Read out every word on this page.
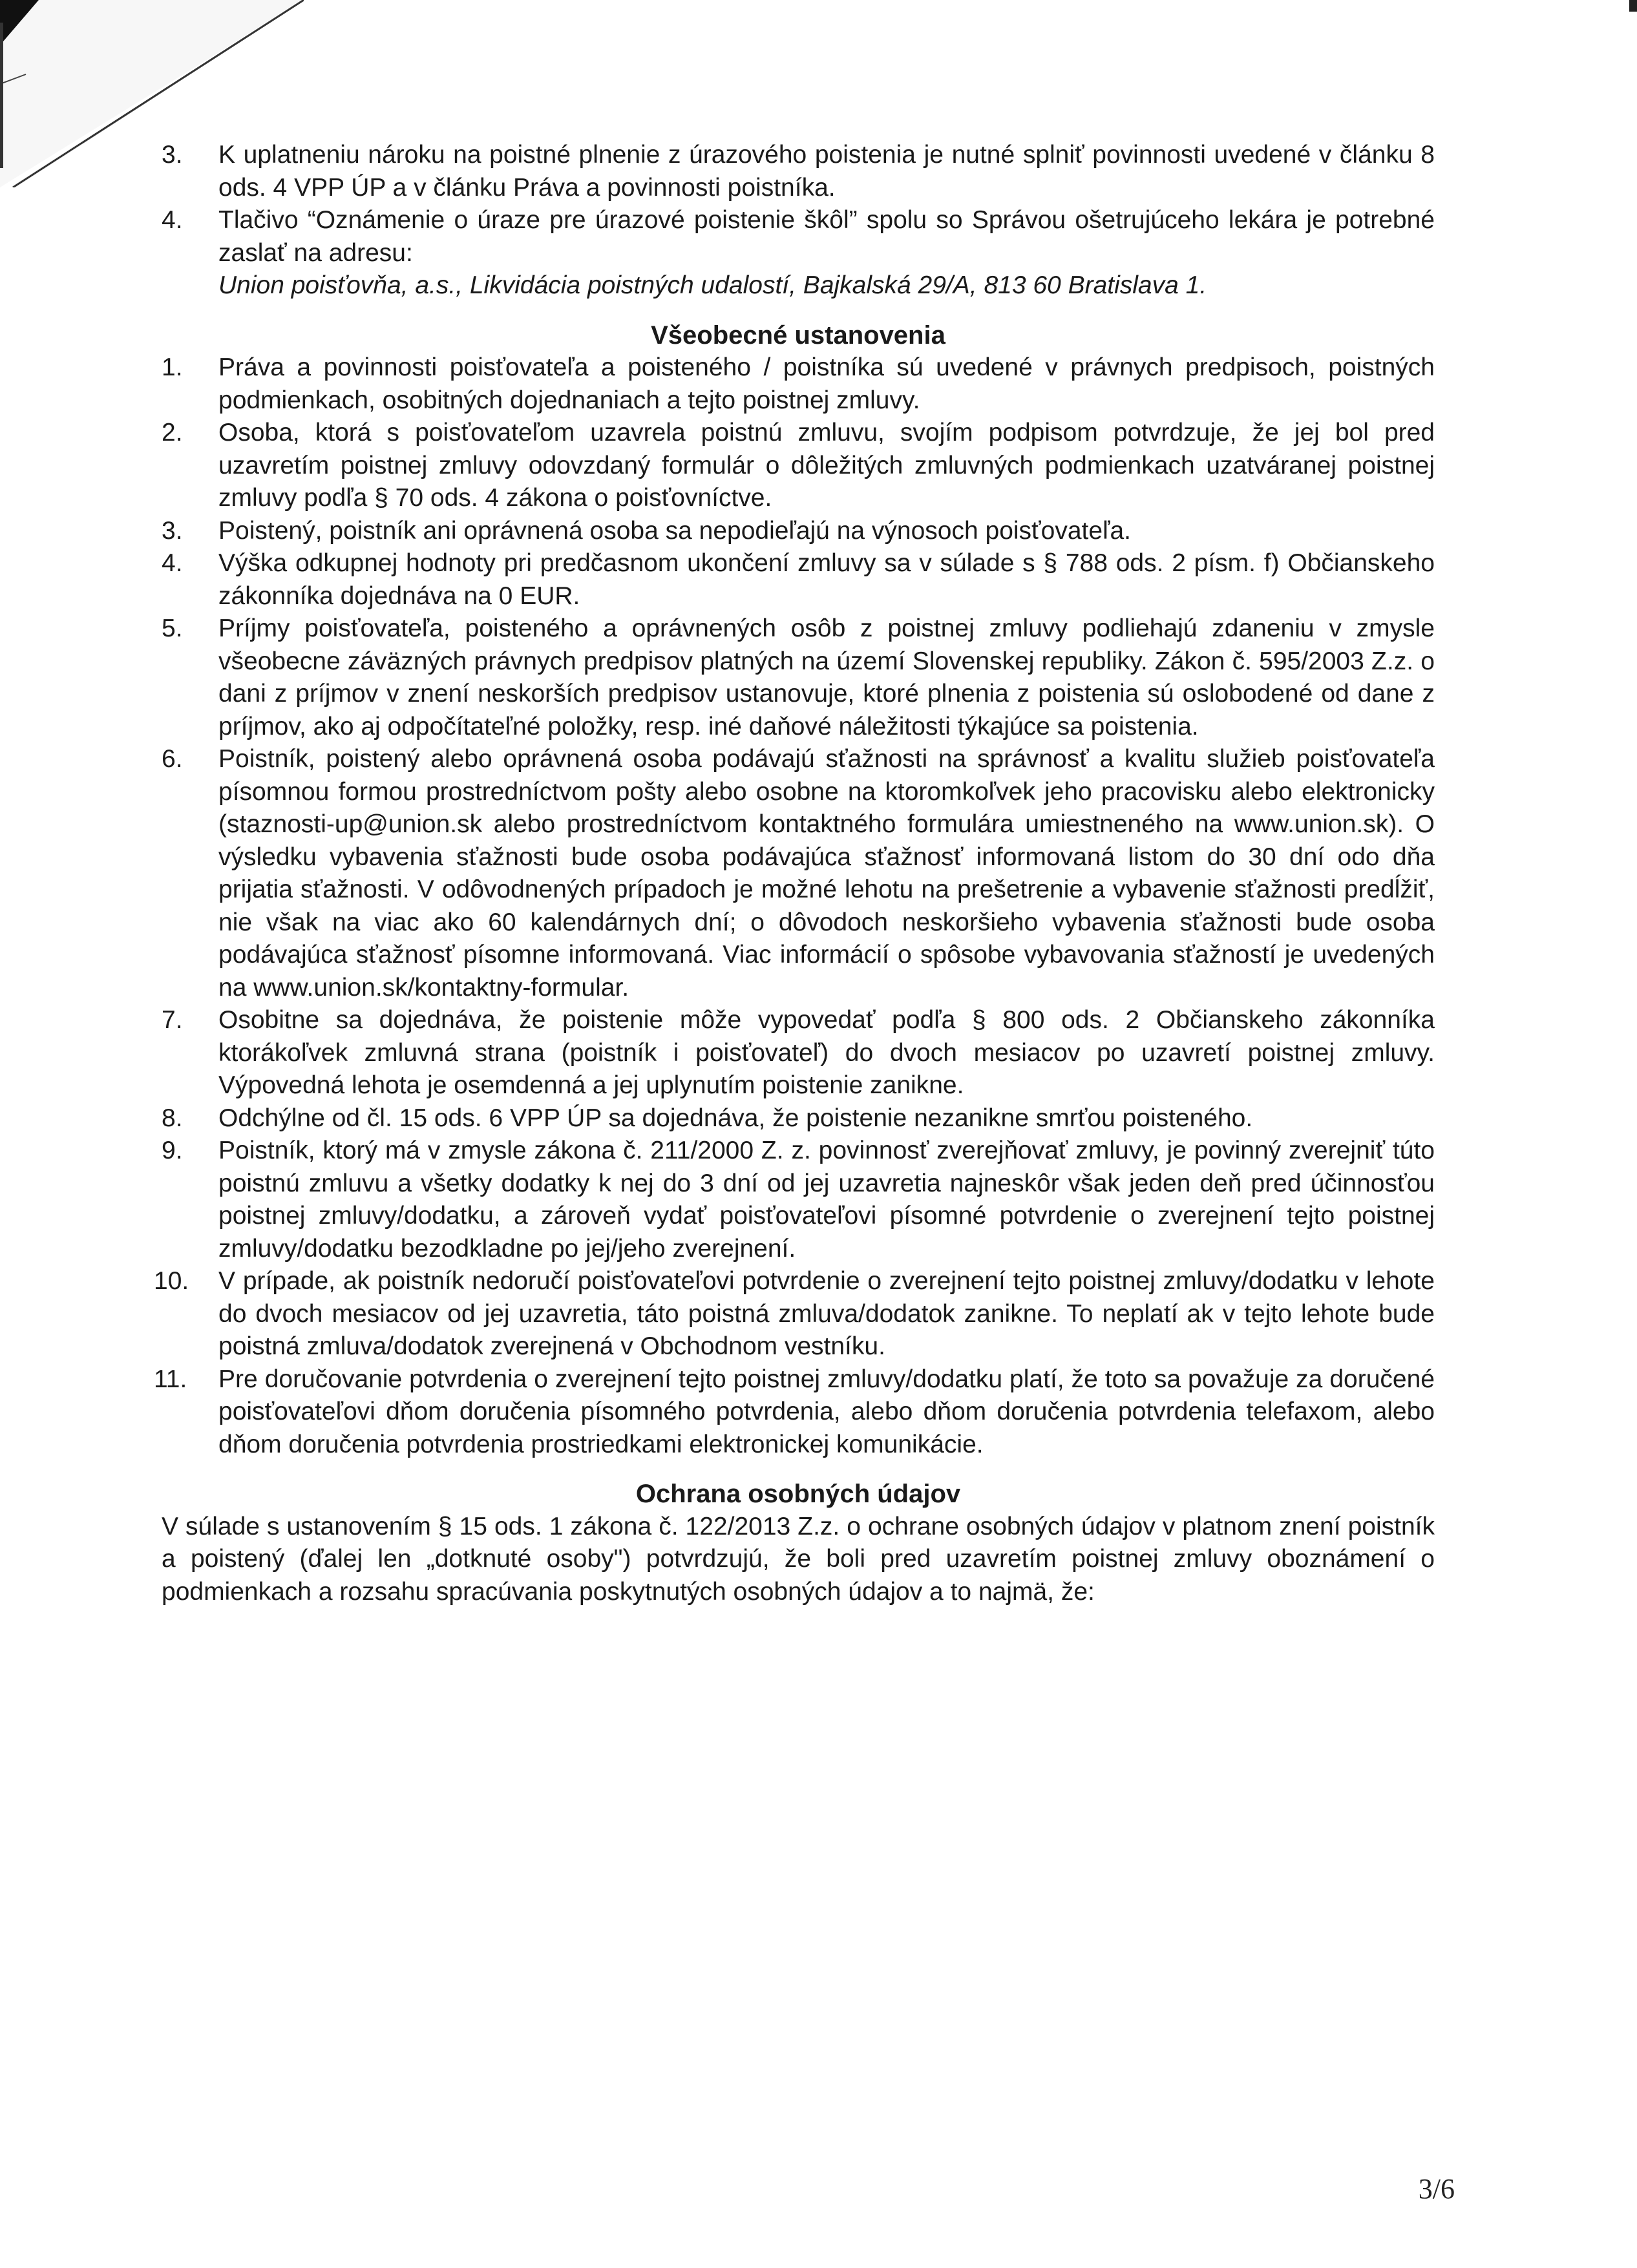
3.	K uplatneniu nároku na poistné plnenie z úrazového poistenia je nutné splniť povinnosti uvedené v článku 8 ods. 4 VPP ÚP a v článku Práva a povinnosti poistníka.
4.	Tlačivo “Oznámenie o úraze pre úrazové poistenie škôl” spolu so Správou ošetrujúceho lekára je potrebné zaslať na adresu:
Union poisťovňa, a.s., Likvidácia poistných udalostí, Bajkalská 29/A, 813 60 Bratislava 1.

Všeobecné ustanovenia

1.	Práva a povinnosti poisťovateľa a poisteného / poistníka sú uvedené v právnych predpisoch, poistných podmienkach, osobitných dojednaniach a tejto poistnej zmluvy.
2.	Osoba, ktorá s poisťovateľom uzavrela poistnú zmluvu, svojím podpisom potvrdzuje, že jej bol pred uzavretím poistnej zmluvy odovzdaný formulár o dôležitých zmluvných podmienkach uzatváranej poistnej zmluvy podľa § 70 ods. 4 zákona o poisťovníctve.
3.	Poistený, poistník ani oprávnená osoba sa nepodieľajú na výnosoch poisťovateľa.
4.	Výška odkupnej hodnoty pri predčasnom ukončení zmluvy sa v súlade s § 788 ods. 2 písm. f) Občianskeho zákonníka dojednáva na 0 EUR.
5.	Príjmy poisťovateľa, poisteného a oprávnených osôb z poistnej zmluvy podliehajú zdaneniu v zmysle všeobecne záväzných právnych predpisov platných na území Slovenskej republiky. Zákon č. 595/2003 Z.z. o dani z príjmov v znení neskorších predpisov ustanovuje, ktoré plnenia z poistenia sú oslobodené od dane z príjmov, ako aj odpočítateľné položky, resp. iné daňové náležitosti týkajúce sa poistenia.
6.	Poistník, poistený alebo oprávnená osoba podávajú sťažnosti na správnosť a kvalitu služieb poisťovateľa písomnou formou prostredníctvom pošty alebo osobne na ktoromkoľvek jeho pracovisku alebo elektronicky (staznosti-up@union.sk alebo prostredníctvom kontaktného formulára umiestneného na www.union.sk). O výsledku vybavenia sťažnosti bude osoba podávajúca sťažnosť informovaná listom do 30 dní odo dňa prijatia sťažnosti. V odôvodnených prípadoch je možné lehotu na prešetrenie a vybavenie sťažnosti predĺžiť, nie však na viac ako 60 kalendárnych dní; o dôvodoch neskoršieho vybavenia sťažnosti bude osoba podávajúca sťažnosť písomne informovaná. Viac informácií o spôsobe vybavovania sťažností je uvedených na www.union.sk/kontaktny-formular.
7.	Osobitne sa dojednáva, že poistenie môže vypovedať podľa § 800 ods. 2 Občianskeho zákonníka ktorákoľvek zmluvná strana (poistník i poisťovateľ) do dvoch mesiacov po uzavretí poistnej zmluvy. Výpovedná lehota je osemdenná a jej uplynutím poistenie zanikne.
8.	Odchýlne od čl. 15 ods. 6 VPP ÚP sa dojednáva, že poistenie nezanikne smrťou poisteného.
9.	Poistník, ktorý má v zmysle zákona č. 211/2000 Z. z. povinnosť zverejňovať zmluvy, je povinný zverejniť túto poistnú zmluvu a všetky dodatky k nej do 3 dní od jej uzavretia najneskôr však jeden deň pred účinnosťou poistnej zmluvy/dodatku, a zároveň vydať poisťovateľovi písomné potvrdenie o zverejnení tejto poistnej zmluvy/dodatku bezodkladne po jej/jeho zverejnení.
10. V prípade, ak poistník nedoručí poisťovateľovi potvrdenie o zverejnení tejto poistnej zmluvy/dodatku v lehote do dvoch mesiacov od jej uzavretia, táto poistná zmluva/dodatok zanikne. To neplatí ak v tejto lehote bude poistná zmluva/dodatok zverejnená v Obchodnom vestníku.
11. Pre doručovanie potvrdenia o zverejnení tejto poistnej zmluvy/dodatku platí, že toto sa považuje za doručené poisťovateľovi dňom doručenia písomného potvrdenia, alebo dňom doručenia potvrdenia telefaxom, alebo dňom doručenia potvrdenia prostriedkami elektronickej komunikácie.

Ochrana osobných údajov

V súlade s ustanovením § 15 ods. 1 zákona č. 122/2013 Z.z. o ochrane osobných údajov v platnom znení poistník a poistený (ďalej len „dotknuté osoby") potvrdzujú, že boli pred uzavretím poistnej zmluvy oboznámení o podmienkach a rozsahu spracúvania poskytnutých osobných údajov a to najmä, že:

3/6
